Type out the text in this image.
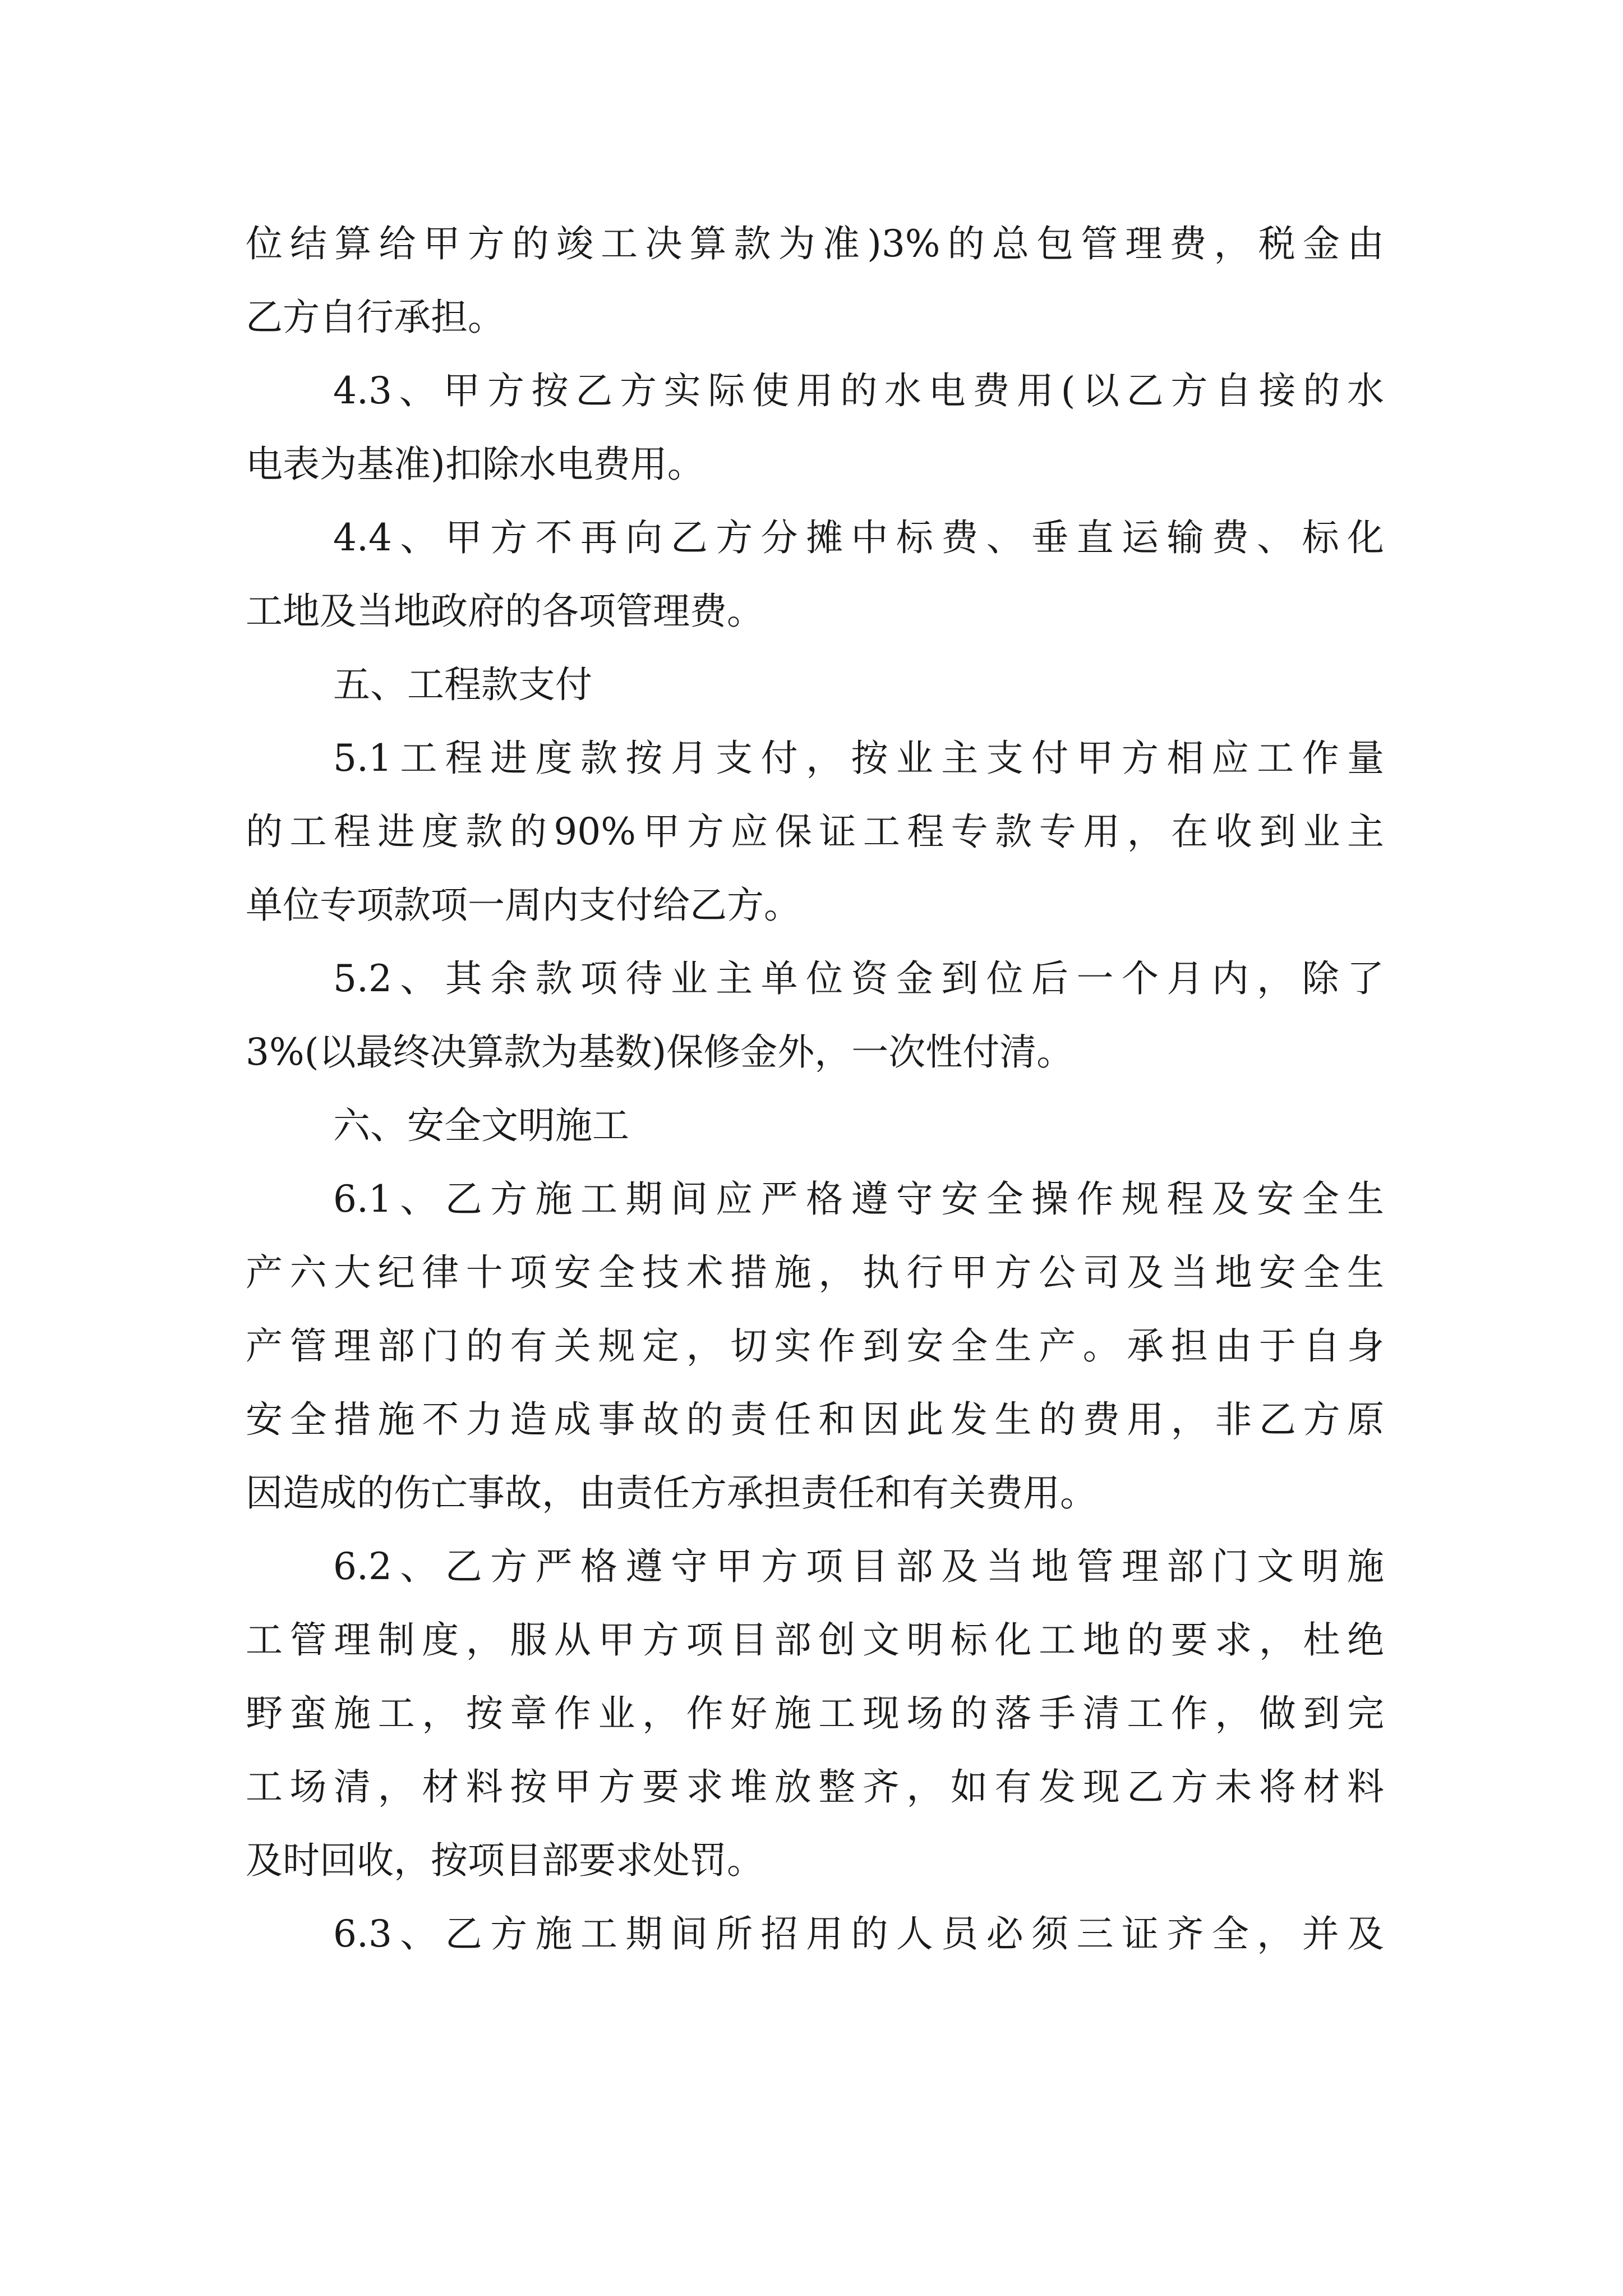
位结算给甲方的竣工决算款为准)3%的总包管理费，税金由
乙方自行承担。
4.3、甲方按乙方实际使用的水电费用(以乙方自接的水
电表为基准)扣除水电费用。
4.4、甲方不再向乙方分摊中标费、垂直运输费、标化
工地及当地政府的各项管理费。
五、工程款支付
5.1工程进度款按月支付，按业主支付甲方相应工作量
的工程进度款的90%甲方应保证工程专款专用，在收到业主
单位专项款项一周内支付给乙方。
5.2、其余款项待业主单位资金到位后一个月内，除了
3%(以最终决算款为基数)保修金外，一次性付清。
六、安全文明施工
6.1、乙方施工期间应严格遵守安全操作规程及安全生
产六大纪律十项安全技术措施，执行甲方公司及当地安全生
产管理部门的有关规定，切实作到安全生产。承担由于自身
安全措施不力造成事故的责任和因此发生的费用，非乙方原
因造成的伤亡事故，由责任方承担责任和有关费用。
6.2、乙方严格遵守甲方项目部及当地管理部门文明施
工管理制度，服从甲方项目部创文明标化工地的要求，杜绝
野蛮施工，按章作业，作好施工现场的落手清工作，做到完
工场清，材料按甲方要求堆放整齐，如有发现乙方未将材料
及时回收，按项目部要求处罚。
6.3、乙方施工期间所招用的人员必须三证齐全，并及
